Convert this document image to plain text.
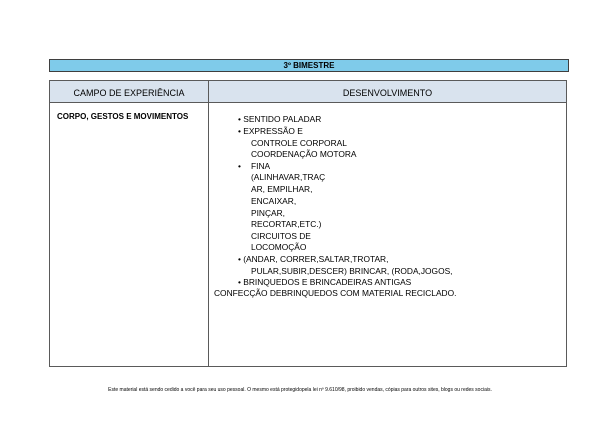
3º BIMESTRE
CAMPO DE EXPERIÊNCIA	DESENVOLVIMENTO
CORPO, GESTOS E MOVIMENTOS	• SENTIDO PALADAR
• EXPRESSÃO E
CONTROLE CORPORAL
COORDENAÇÃO MOTORA
• FINA
(ALINHAVAR,TRAÇ
AR, EMPILHAR,
ENCAIXAR,
PINÇAR,
RECORTAR,ETC.)
CIRCUITOS DE
LOCOMOÇÃO
• (ANDAR, CORRER,SALTAR,TROTAR,
PULAR,SUBIR,DESCER) BRINCAR, (RODA,JOGOS,
• BRINQUEDOS E BRINCADEIRAS ANTIGAS
CONFECÇÃO DEBRINQUEDOS COM MATERIAL RECICLADO.
Este material está sendo cedido a você para seu uso pessoal. O mesmo está protegidopela lei nº 9.610/98, proibido vendas, cópias para outros sites, blogs ou redes sociais.
